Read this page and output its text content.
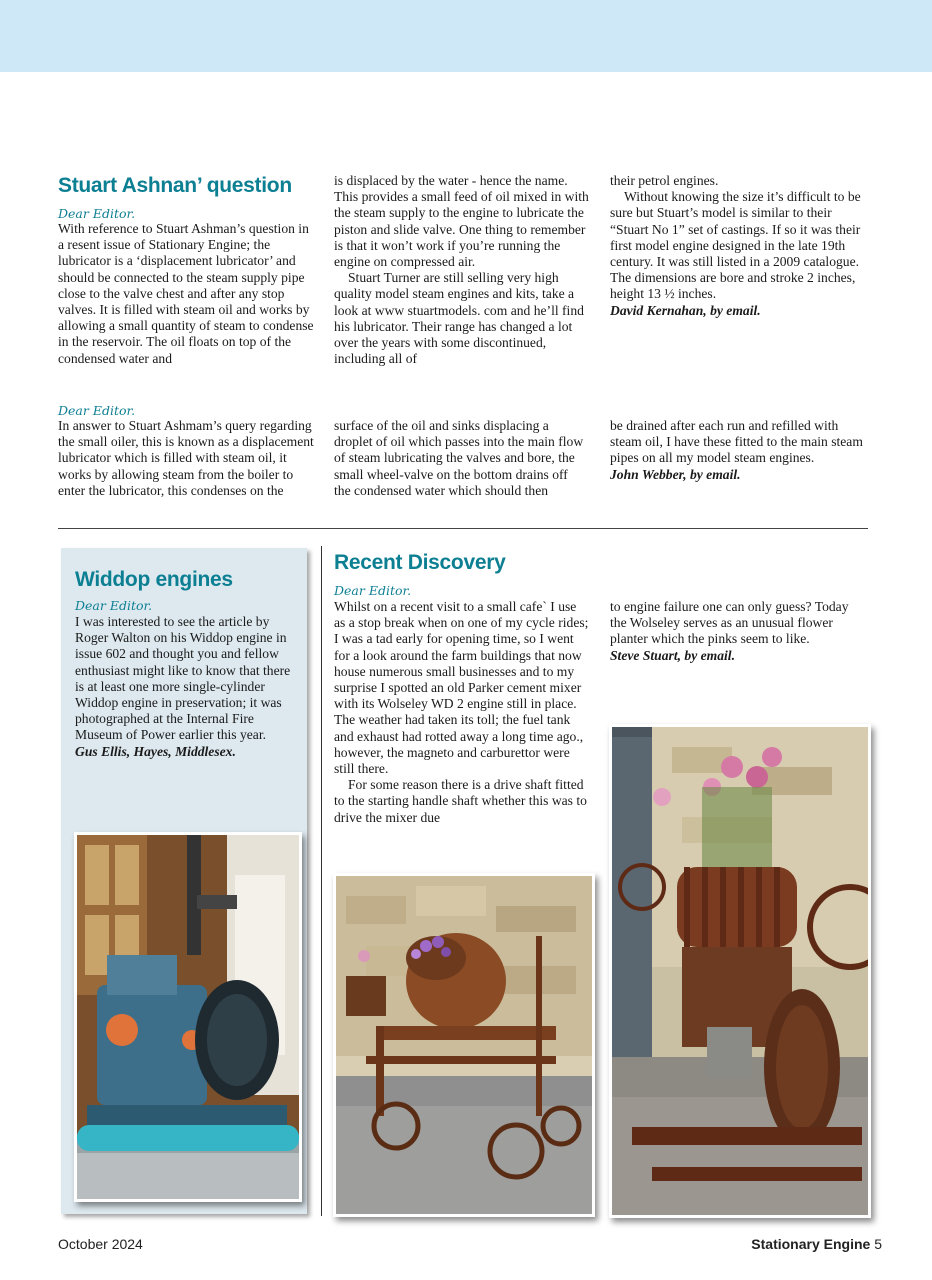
Stuart Ashnan’ question
Dear Editor.

With reference to Stuart Ashman’s question in a resent issue of Stationary Engine; the lubricator is a ‘displacement lubricator’ and should be connected to the steam supply pipe close to the valve chest and after any stop valves. It is filled with steam oil and works by allowing a small quantity of steam to condense in the reservoir. The oil floats on top of the condensed water and

is displaced by the water - hence the name. This provides a small feed of oil mixed in with the steam supply to the engine to lubricate the piston and slide valve. One thing to remember is that it won’t work if you’re running the engine on compressed air.

Stuart Turner are still selling very high quality model steam engines and kits, take a look at www stuartmodels. com and he’ll find his lubricator. Their range has changed a lot over the years with some discontinued, including all of

their petrol engines.

Without knowing the size it’s difficult to be sure but Stuart’s model is similar to their “Stuart No 1” set of castings. If so it was their first model engine designed in the late 19th century. It was still listed in a 2009 catalogue. The dimensions are bore and stroke 2 inches, height 13 ½ inches.

David Kernahan, by email.

Dear Editor.

In answer to Stuart Ashmam’s query regarding the small oiler, this is known as a displacement lubricator which is filled with steam oil, it works by allowing steam from the boiler to enter the lubricator, this condenses on the

surface of the oil and sinks displacing a droplet of oil which passes into the main flow of steam lubricating the valves and bore, the small wheel-valve on the bottom drains off the condensed water which should then

be drained after each run and refilled with steam oil, I have these fitted to the main steam pipes on all my model steam engines.

John Webber, by email.

Widdop engines
Dear Editor.

I was interested to see the article by Roger Walton on his Widdop engine in issue 602 and thought you and fellow enthusiast might like to know that there is at least one more single-cylinder Widdop engine in preservation; it was photographed at the Internal Fire Museum of Power earlier this year.

Gus Ellis, Hayes, Middlesex.

Recent Discovery
Dear Editor.

Whilst on a recent visit to a small cafe` I use as a stop break when on one of my cycle rides; I was a tad early for opening time, so I went for a look around the farm buildings that now house numerous small businesses and to my surprise I spotted an old Parker cement mixer with its Wolseley WD 2 engine still in place. The weather had taken its toll; the fuel tank and exhaust had rotted away a long time ago., however, the magneto and carburettor were still there.

For some reason there is a drive shaft fitted to the starting handle shaft whether this was to drive the mixer due

to engine failure one can only guess? Today the Wolseley serves as an unusual flower planter which the pinks seem to like.

Steve Stuart, by email.

October 2024	Stationary Engine 5
